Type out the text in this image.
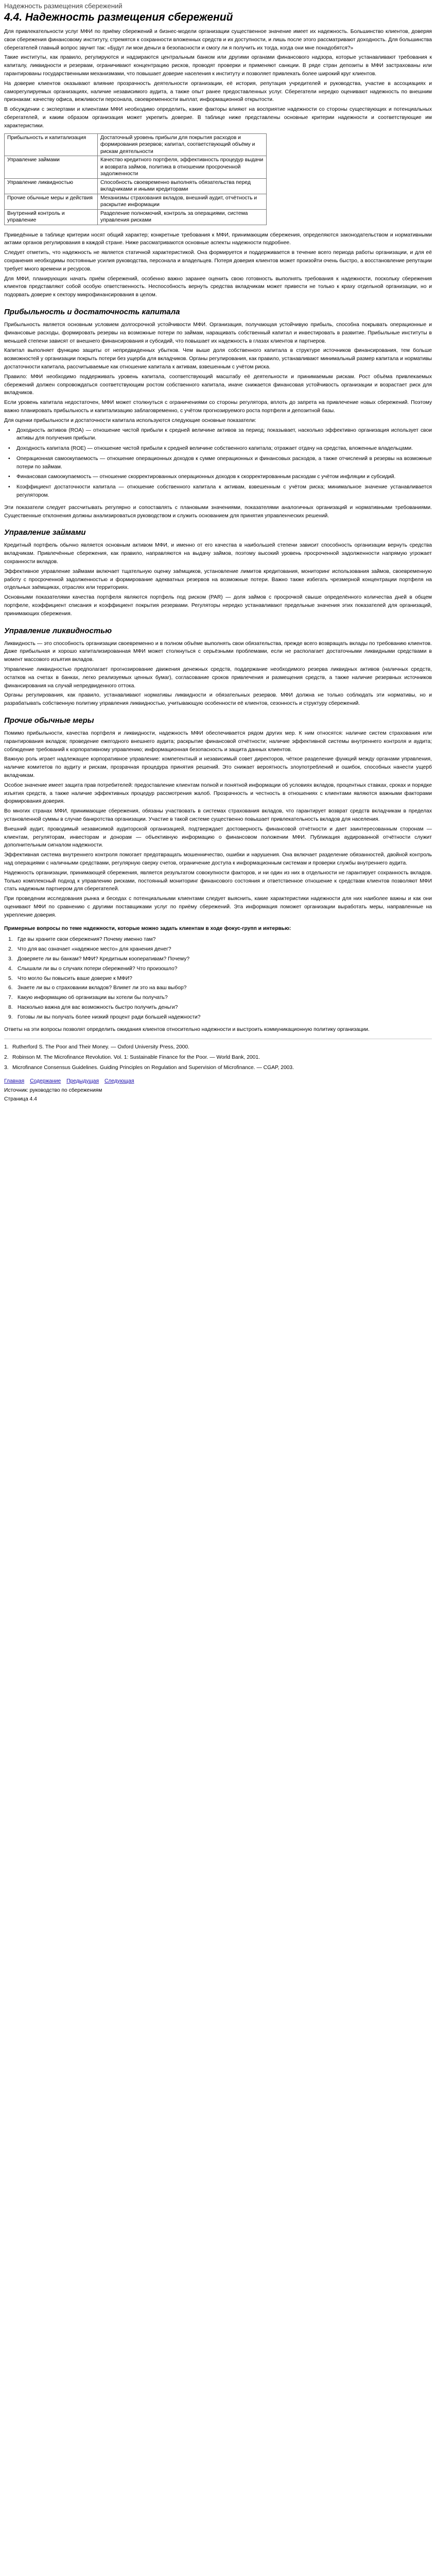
Надежность размещения сбережений
4.4. Надежность размещения сбережений

Для привлекательности услуг МФИ по приёму сбережений и бизнес-модели организации существенное значение имеет их надежность. Большинство клиентов, доверяя свои сбережения финансовому институту, стремятся к сохранности вложенных средств и их доступности, и лишь после этого рассматривают доходность. Для большинства сберегателей главный вопрос звучит так: «Будут ли мои деньги в безопасности и смогу ли я получить их тогда, когда они мне понадобятся?»

Такие институты, как правило, регулируются и надзираются центральным банком или другими органами финансового надзора, которые устанавливают требования к капиталу, ликвидности и резервам, ограничивают концентрацию рисков, проводят проверки и применяют санкции. В ряде стран депозиты в МФИ застрахованы или гарантированы государственными механизмами, что повышает доверие населения к институту и позволяет привлекать более широкий круг клиентов.

На доверие клиентов оказывают влияние прозрачность деятельности организации, её история, репутация учредителей и руководства, участие в ассоциациях и саморегулируемых организациях, наличие независимого аудита, а также опыт ранее предоставленных услуг. Сберегатели нередко оценивают надежность по внешним признакам: качеству офиса, вежливости персонала, своевременности выплат, информационной открытости.

В обсуждении с экспертами и клиентами МФИ необходимо определить, какие факторы влияют на восприятие надежности со стороны существующих и потенциальных сберегателей, и каким образом организация может укрепить доверие. В таблице ниже представлены основные критерии надежности и соответствующие им характеристики.

Прибыльность и капитализация	Достаточный уровень прибыли для покрытия расходов и формирования резервов; капитал, соответствующий объёму и рискам деятельности
Управление займами	Качество кредитного портфеля, эффективность процедур выдачи и возврата займов, политика в отношении просроченной задолженности
Управление ликвидностью	Способность своевременно выполнять обязательства перед вкладчиками и иными кредиторами
Прочие обычные меры и действия	Механизмы страхования вкладов, внешний аудит, отчётность и раскрытие информации
Внутренний контроль и управление	Разделение полномочий, контроль за операциями, система управления рисками

Приведённые в таблице критерии носят общий характер; конкретные требования к МФИ, принимающим сбережения, определяются законодательством и нормативными актами органов регулирования в каждой стране. Ниже рассматриваются основные аспекты надежности подробнее.

Следует отметить, что надежность не является статичной характеристикой. Она формируется и поддерживается в течение всего периода работы организации, и для её сохранения необходимы постоянные усилия руководства, персонала и владельцев. Потеря доверия клиентов может произойти очень быстро, а восстановление репутации требует много времени и ресурсов.

Для МФИ, планирующих начать приём сбережений, особенно важно заранее оценить свою готовность выполнять требования к надежности, поскольку сбережения клиентов представляют собой особую ответственность. Неспособность вернуть средства вкладчикам может привести не только к краху отдельной организации, но и подорвать доверие к сектору микрофинансирования в целом.

Прибыльность и достаточность капитала

Прибыльность является основным условием долгосрочной устойчивости МФИ. Организация, получающая устойчивую прибыль, способна покрывать операционные и финансовые расходы, формировать резервы на возможные потери по займам, наращивать собственный капитал и инвестировать в развитие. Прибыльные институты в меньшей степени зависят от внешнего финансирования и субсидий, что повышает их надежность в глазах клиентов и партнеров.

Капитал выполняет функцию защиты от непредвиденных убытков. Чем выше доля собственного капитала в структуре источников финансирования, тем больше возможностей у организации покрыть потери без ущерба для вкладчиков. Органы регулирования, как правило, устанавливают минимальный размер капитала и нормативы достаточности капитала, рассчитываемые как отношение капитала к активам, взвешенным с учётом риска.

Правило: МФИ необходимо поддерживать уровень капитала, соответствующий масштабу её деятельности и принимаемым рискам. Рост объёма привлекаемых сбережений должен сопровождаться соответствующим ростом собственного капитала, иначе снижается финансовая устойчивость организации и возрастает риск для вкладчиков.

Если уровень капитала недостаточен, МФИ может столкнуться с ограничениями со стороны регулятора, вплоть до запрета на привлечение новых сбережений. Поэтому важно планировать прибыльность и капитализацию заблаговременно, с учётом прогнозируемого роста портфеля и депозитной базы.

Для оценки прибыльности и достаточности капитала используются следующие основные показатели:

• Доходность активов (ROA) — отношение чистой прибыли к средней величине активов за период; показывает, насколько эффективно организация использует свои активы для получения прибыли.
• Доходность капитала (ROE) — отношение чистой прибыли к средней величине собственного капитала; отражает отдачу на средства, вложенные владельцами.
• Операционная самоокупаемость — отношение операционных доходов к сумме операционных и финансовых расходов, а также отчислений в резервы на возможные потери по займам.
• Финансовая самоокупаемость — отношение скорректированных операционных доходов к скорректированным расходам с учётом инфляции и субсидий.
• Коэффициент достаточности капитала — отношение собственного капитала к активам, взвешенным с учётом риска; минимальное значение устанавливается регулятором.

Эти показатели следует рассчитывать регулярно и сопоставлять с плановыми значениями, показателями аналогичных организаций и нормативными требованиями. Существенные отклонения должны анализироваться руководством и служить основанием для принятия управленческих решений.

Управление займами

Кредитный портфель обычно является основным активом МФИ, и именно от его качества в наибольшей степени зависит способность организации вернуть средства вкладчикам. Привлечённые сбережения, как правило, направляются на выдачу займов, поэтому высокий уровень просроченной задолженности напрямую угрожает сохранности вкладов.

Эффективное управление займами включает тщательную оценку заёмщиков, установление лимитов кредитования, мониторинг использования займов, своевременную работу с просроченной задолженностью и формирование адекватных резервов на возможные потери. Важно также избегать чрезмерной концентрации портфеля на отдельных заёмщиках, отраслях или территориях.

Основными показателями качества портфеля являются портфель под риском (PAR) — доля займов с просрочкой свыше определённого количества дней в общем портфеле, коэффициент списания и коэффициент покрытия резервами. Регуляторы нередко устанавливают предельные значения этих показателей для организаций, принимающих сбережения.

Управление ликвидностью

Ликвидность — это способность организации своевременно и в полном объёме выполнять свои обязательства, прежде всего возвращать вклады по требованию клиентов. Даже прибыльная и хорошо капитализированная МФИ может столкнуться с серьёзными проблемами, если не располагает достаточными ликвидными средствами в момент массового изъятия вкладов.

Управление ликвидностью предполагает прогнозирование движения денежных средств, поддержание необходимого резерва ликвидных активов (наличных средств, остатков на счетах в банках, легко реализуемых ценных бумаг), согласование сроков привлечения и размещения средств, а также наличие резервных источников финансирования на случай непредвиденного оттока.

Органы регулирования, как правило, устанавливают нормативы ликвидности и обязательных резервов. МФИ должна не только соблюдать эти нормативы, но и разрабатывать собственную политику управления ликвидностью, учитывающую особенности её клиентов, сезонность и структуру сбережений.

Прочие обычные меры

Помимо прибыльности, качества портфеля и ликвидности, надежность МФИ обеспечивается рядом других мер. К ним относятся: наличие систем страхования или гарантирования вкладов; проведение ежегодного внешнего аудита; раскрытие финансовой отчётности; наличие эффективной системы внутреннего контроля и аудита; соблюдение требований к корпоративному управлению; информационная безопасность и защита данных клиентов.

Важную роль играет надлежащее корпоративное управление: компетентный и независимый совет директоров, чёткое разделение функций между органами управления, наличие комитетов по аудиту и рискам, прозрачная процедура принятия решений. Это снижает вероятность злоупотреблений и ошибок, способных нанести ущерб вкладчикам.

Особое значение имеет защита прав потребителей: предоставление клиентам полной и понятной информации об условиях вкладов, процентных ставках, сроках и порядке изъятия средств, а также наличие эффективных процедур рассмотрения жалоб. Прозрачность и честность в отношениях с клиентами являются важными факторами формирования доверия.

Во многих странах МФИ, принимающие сбережения, обязаны участвовать в системах страхования вкладов, что гарантирует возврат средств вкладчикам в пределах установленной суммы в случае банкротства организации. Участие в такой системе существенно повышает привлекательность вкладов для населения.

Внешний аудит, проводимый независимой аудиторской организацией, подтверждает достоверность финансовой отчётности и дает заинтересованным сторонам — клиентам, регуляторам, инвесторам и донорам — объективную информацию о финансовом положении МФИ. Публикация аудированной отчётности служит дополнительным сигналом надежности.

Эффективная система внутреннего контроля помогает предотвращать мошенничество, ошибки и нарушения. Она включает разделение обязанностей, двойной контроль над операциями с наличными средствами, регулярную сверку счетов, ограничение доступа к информационным системам и проверки службы внутреннего аудита.

Надежность организации, принимающей сбережения, является результатом совокупности факторов, и ни один из них в отдельности не гарантирует сохранность вкладов. Только комплексный подход к управлению рисками, постоянный мониторинг финансового состояния и ответственное отношение к средствам клиентов позволяют МФИ стать надежным партнером для сберегателей.

При проведении исследования рынка и беседах с потенциальными клиентами следует выяснить, какие характеристики надежности для них наиболее важны и как они оценивают МФИ по сравнению с другими поставщиками услуг по приёму сбережений. Эта информация поможет организации выработать меры, направленные на укрепление доверия.

Примерные вопросы по теме надежности, которые можно задать клиентам в ходе фокус-групп и интервью:
1. Где вы храните свои сбережения? Почему именно там?
2. Что для вас означает «надежное место» для хранения денег?
3. Доверяете ли вы банкам? МФИ? Кредитным кооперативам? Почему?
4. Слышали ли вы о случаях потери сбережений? Что произошло?
5. Что могло бы повысить ваше доверие к МФИ?
6. Знаете ли вы о страховании вкладов? Влияет ли это на ваш выбор?
7. Какую информацию об организации вы хотели бы получать?
8. Насколько важна для вас возможность быстро получить деньги?
9. Готовы ли вы получать более низкий процент ради большей надежности?

Ответы на эти вопросы позволят определить ожидания клиентов относительно надежности и выстроить коммуникационную политику организации.

1. Rutherford S. The Poor and Their Money. — Oxford University Press, 2000.
2. Robinson M. The Microfinance Revolution. Vol. 1: Sustainable Finance for the Poor. — World Bank, 2001.
3. Microfinance Consensus Guidelines. Guiding Principles on Regulation and Supervision of Microfinance. — CGAP, 2003.
Главная Содержание Предыдущая Следующая
Источник: руководство по сбережениям
Страница 4.4
